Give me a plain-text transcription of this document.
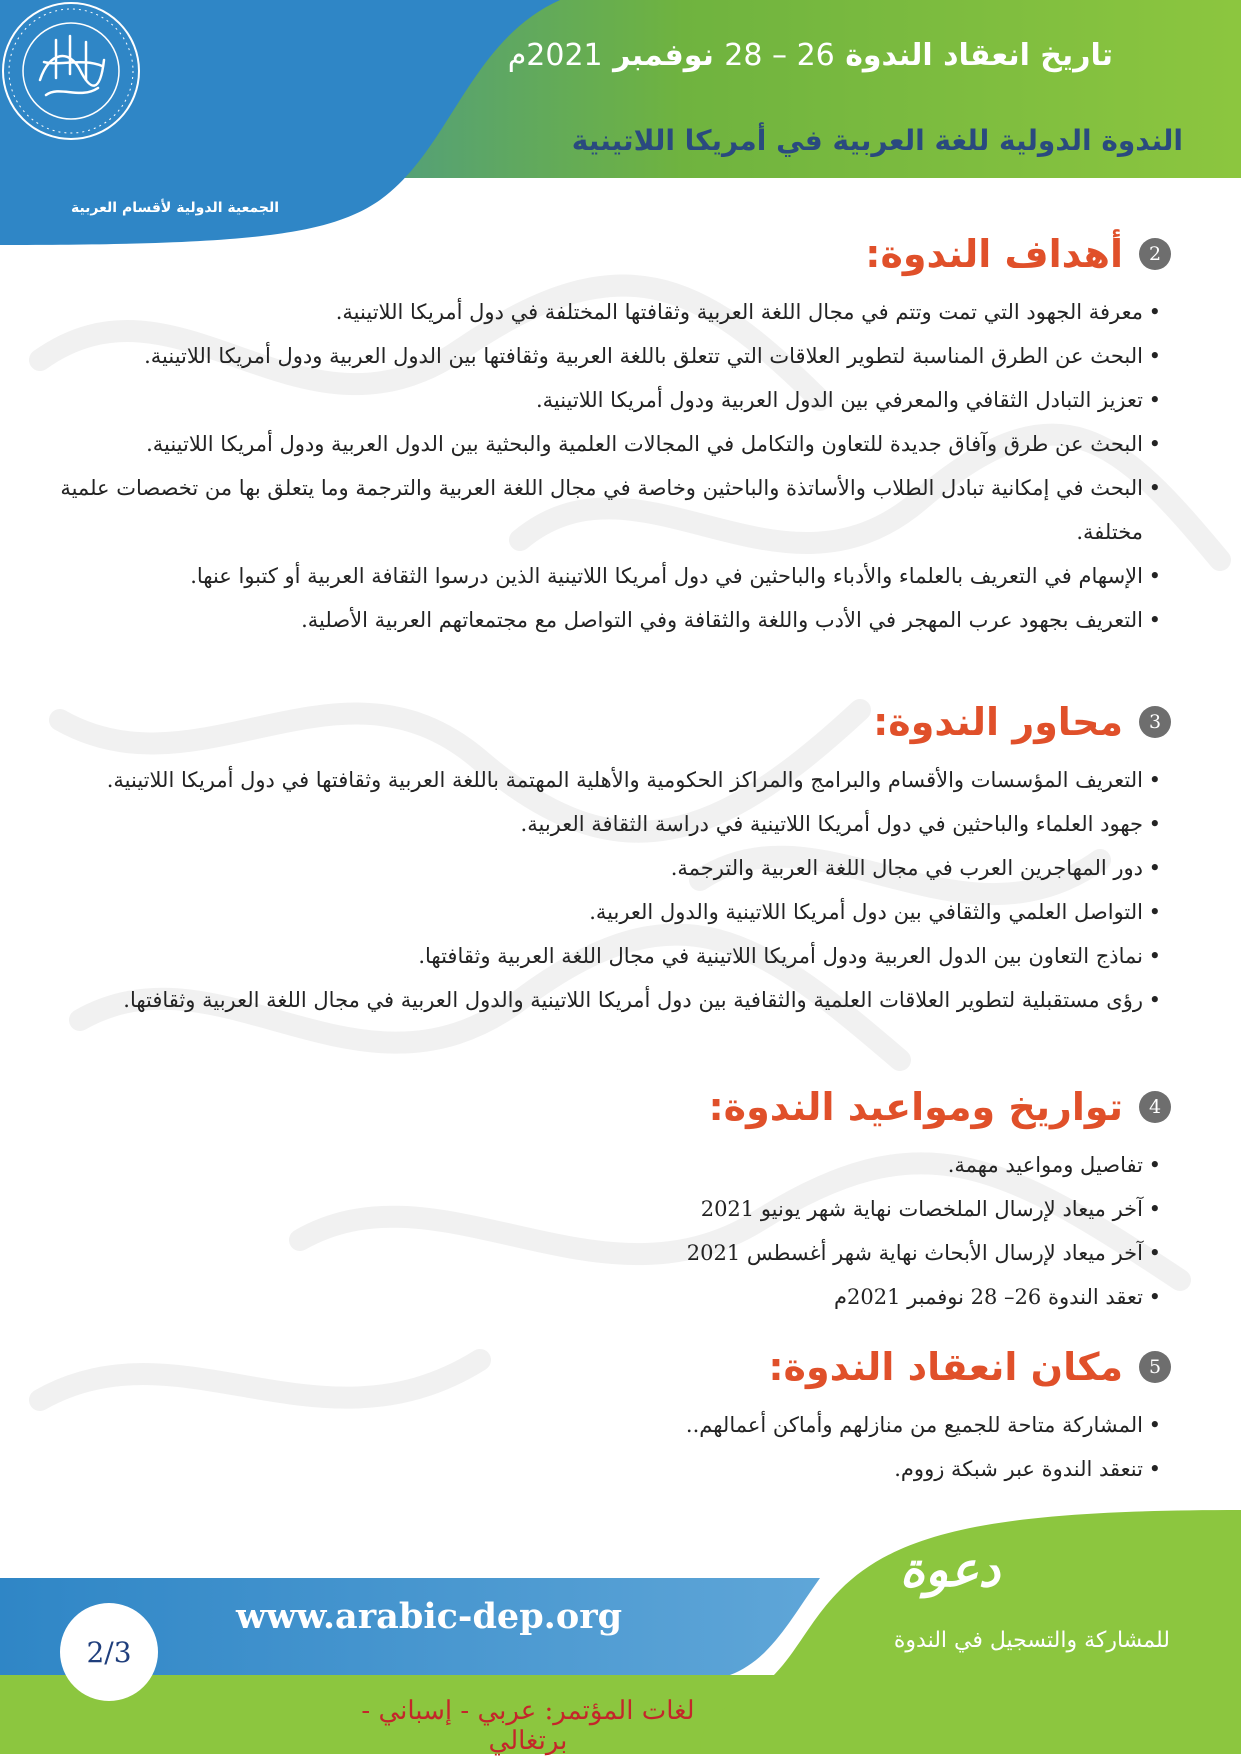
تاريخ انعقاد الندوة 26 – 28 نوفمبر 2021م
الندوة الدولية للغة العربية في أمريكا اللاتينية
الجمعية الدولية لأقسام العربية
2
أهداف الندوة:
• معرفة الجهود التي تمت وتتم في مجال اللغة العربية وثقافتها المختلفة في دول أمريكا اللاتينية.
• البحث عن الطرق المناسبة لتطوير العلاقات التي تتعلق باللغة العربية وثقافتها بين الدول العربية ودول أمريكا اللاتينية.
• تعزيز التبادل الثقافي والمعرفي بين الدول العربية ودول أمريكا اللاتينية.
• البحث عن طرق وآفاق جديدة للتعاون والتكامل في المجالات العلمية والبحثية بين الدول العربية ودول أمريكا اللاتينية.
• البحث في إمكانية تبادل الطلاب والأساتذة والباحثين وخاصة في مجال اللغة العربية والترجمة وما يتعلق بها من تخصصات علمية مختلفة.
• الإسهام في التعريف بالعلماء والأدباء والباحثين في دول أمريكا اللاتينية الذين درسوا الثقافة العربية أو كتبوا عنها.
• التعريف بجهود عرب المهجر في الأدب واللغة والثقافة وفي التواصل مع مجتمعاتهم العربية الأصلية.
3
محاور الندوة:
• التعريف المؤسسات والأقسام والبرامج والمراكز الحكومية والأهلية المهتمة باللغة العربية وثقافتها في دول أمريكا اللاتينية.
• جهود العلماء والباحثين في دول أمريكا اللاتينية في دراسة الثقافة العربية.
• دور المهاجرين العرب في مجال اللغة العربية والترجمة.
• التواصل العلمي والثقافي بين دول أمريكا اللاتينية والدول العربية.
• نماذج التعاون بين الدول العربية ودول أمريكا اللاتينية في مجال اللغة العربية وثقافتها.
• رؤى مستقبلية لتطوير العلاقات العلمية والثقافية بين دول أمريكا اللاتينية والدول العربية في مجال اللغة العربية وثقافتها.
4
تواريخ ومواعيد الندوة:
• تفاصيل ومواعيد مهمة.
• آخر ميعاد لإرسال الملخصات نهاية شهر يونيو 2021
• آخر ميعاد لإرسال الأبحاث نهاية شهر أغسطس 2021
• تعقد الندوة 26– 28 نوفمبر 2021م
5
مكان انعقاد الندوة:
• المشاركة متاحة للجميع من منازلهم وأماكن أعمالهم..
• تنعقد الندوة عبر شبكة زووم.
دعوة
للمشاركة والتسجيل في الندوة
www.arabic-dep.org
2/3
لغات المؤتمر: عربي - إسباني - برتغالي
